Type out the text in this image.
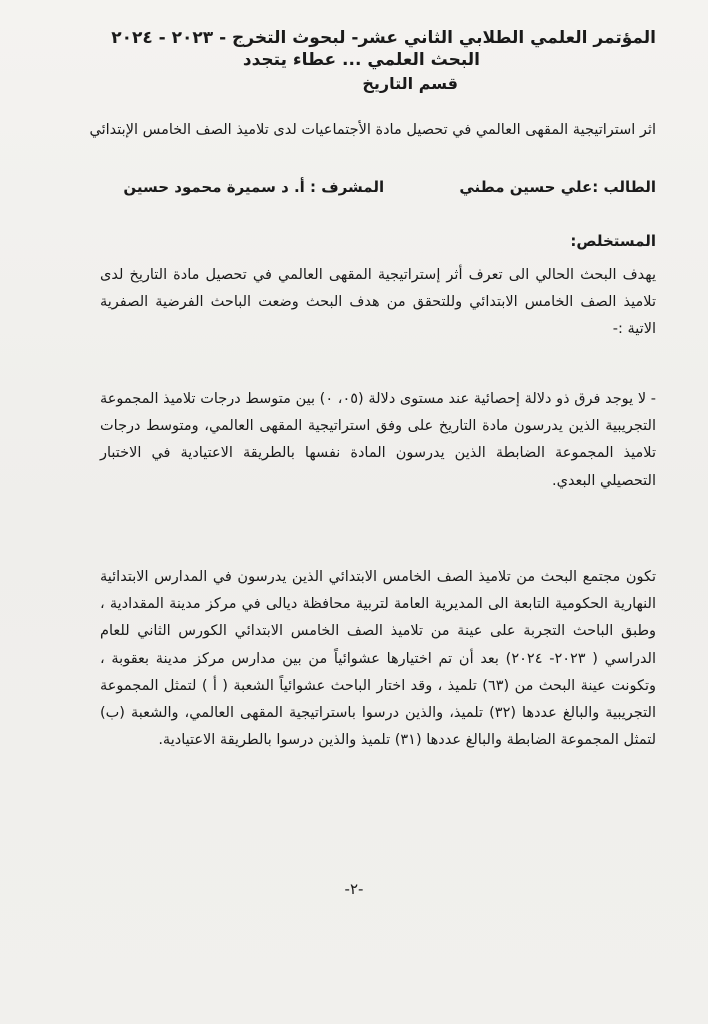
المؤتمر العلمي الطلابي الثاني عشر- لبحوث التخرج - ٢٠٢٣ - ٢٠٢٤
البحث العلمي ... عطاء يتجدد
قسم التاريخ
اثر استراتيجية المقهى العالمي في تحصيل مادة الأجتماعيات لدى تلاميذ الصف الخامس الإبتدائي
الطالب :علي حسين مطني المشرف : أ. د سميرة محمود حسين
المستخلص:
يهدف البحث الحالي الى تعرف أثر إستراتيجية المقهى العالمي في تحصيل مادة التاريخ لدى تلاميذ الصف الخامس الابتدائي وللتحقق من هدف البحث وضعت الباحث الفرضية الصفرية الاتية :-
- لا يوجد فرق ذو دلالة إحصائية عند مستوى دلالة (٠٥، ٠) بين متوسط درجات تلاميذ المجموعة التجريبية الذين يدرسون مادة التاريخ على وفق استراتيجية المقهى العالمي، ومتوسط درجات تلاميذ المجموعة الضابطة الذين يدرسون المادة نفسها بالطريقة الاعتيادية في الاختبار التحصيلي البعدي.
تكون مجتمع البحث من تلاميذ الصف الخامس الابتدائي الذين يدرسون في المدارس الابتدائية النهارية الحكومية التابعة الى المديرية العامة لتربية محافظة ديالى في مركز مدينة المقدادية ، وطبق الباحث التجربة على عينة من تلاميذ الصف الخامس الابتدائي الكورس الثاني للعام الدراسي ( ٢٠٢٣- ٢٠٢٤) بعد أن تم اختيارها عشوائياً من بين مدارس مركز مدينة بعقوبة ، وتكونت عينة البحث من (٦٣) تلميذ ، وقد اختار الباحث عشوائياً الشعبة ( أ ) لتمثل المجموعة التجريبية والبالغ عددها (٣٢) تلميذ، والذين درسوا باستراتيجية المقهى العالمي، والشعبة (ب) لتمثل المجموعة الضابطة والبالغ عددها (٣١) تلميذ والذين درسوا بالطريقة الاعتيادية.
-٢-
